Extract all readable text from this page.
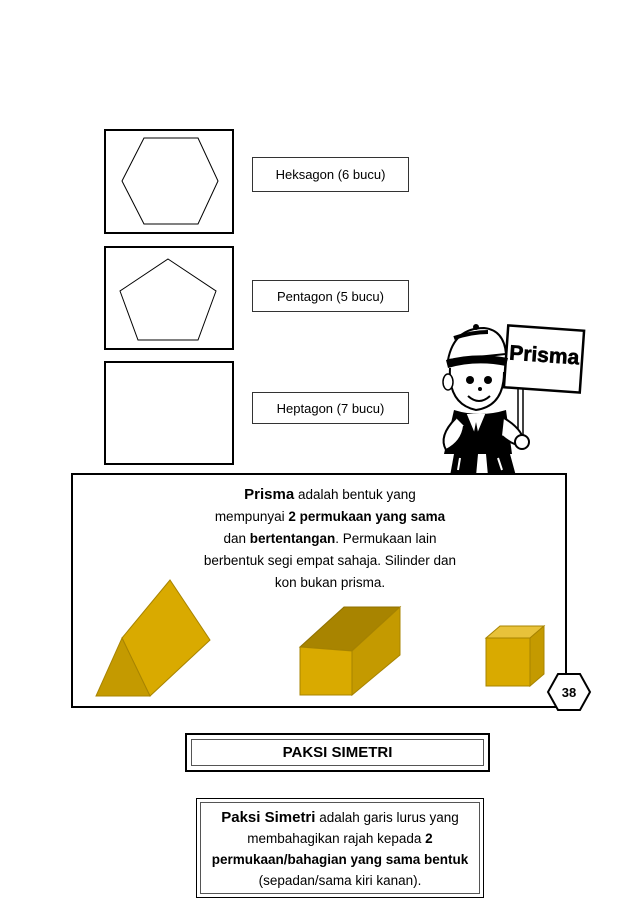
Heksagon (6 bucu)
Pentagon (5 bucu)
Heptagon (7 bucu)
Prisma
Prisma adalah bentuk yang
mempunyai 2 permukaan yang sama
dan bertentangan. Permukaan lain berbentuk segi empat sahaja. Silinder dan kon bukan prisma.
38
PAKSI SIMETRI
Paksi Simetri adalah garis lurus yang membahagikan rajah kepada 2 permukaan/bahagian yang sama bentuk (sepadan/sama kiri kanan).
